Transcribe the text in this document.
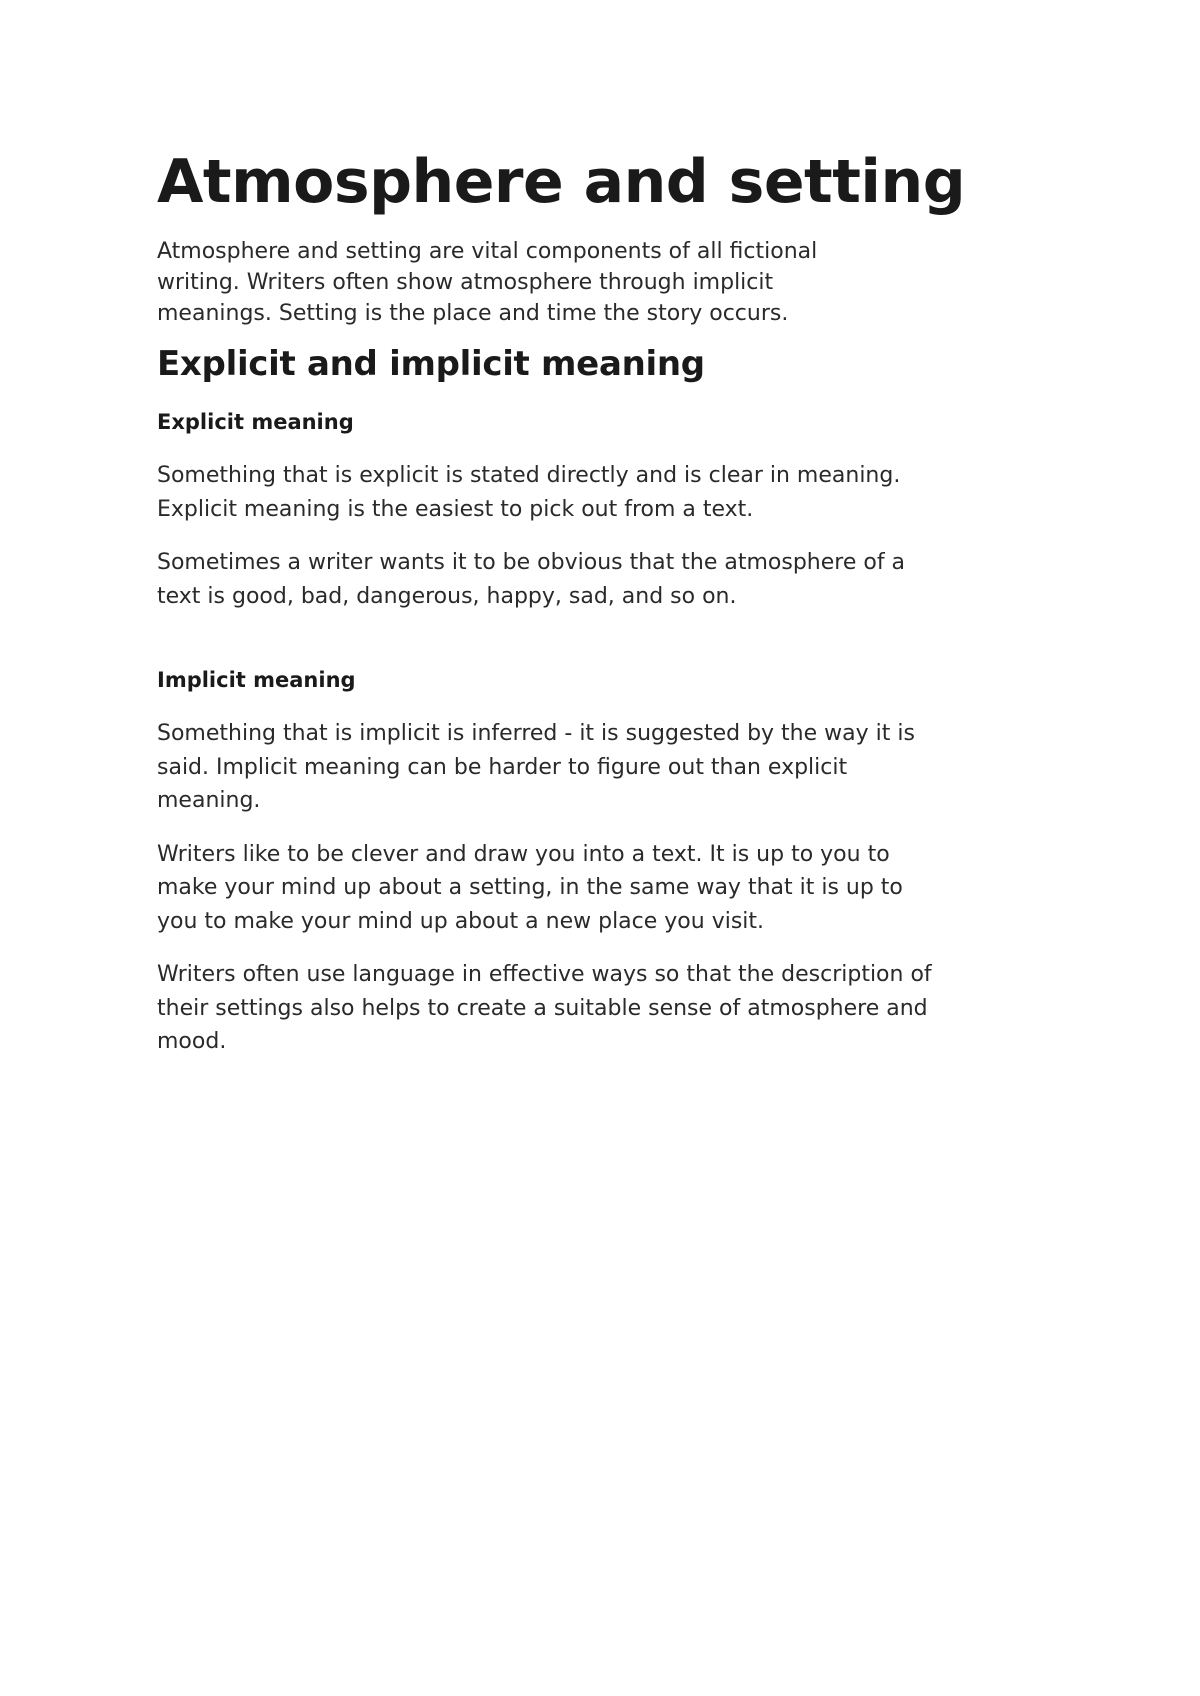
Atmosphere and setting

Atmosphere and setting are vital components of all fictional writing. Writers often show atmosphere through implicit meanings. Setting is the place and time the story occurs.

Explicit and implicit meaning
Explicit meaning

Something that is explicit is stated directly and is clear in meaning. Explicit meaning is the easiest to pick out from a text.

Sometimes a writer wants it to be obvious that the atmosphere of a text is good, bad, dangerous, happy, sad, and so on.

Implicit meaning

Something that is implicit is inferred - it is suggested by the way it is said. Implicit meaning can be harder to figure out than explicit meaning.

Writers like to be clever and draw you into a text. It is up to you to make your mind up about a setting, in the same way that it is up to you to make your mind up about a new place you visit.

Writers often use language in effective ways so that the description of their settings also helps to create a suitable sense of atmosphere and mood.
